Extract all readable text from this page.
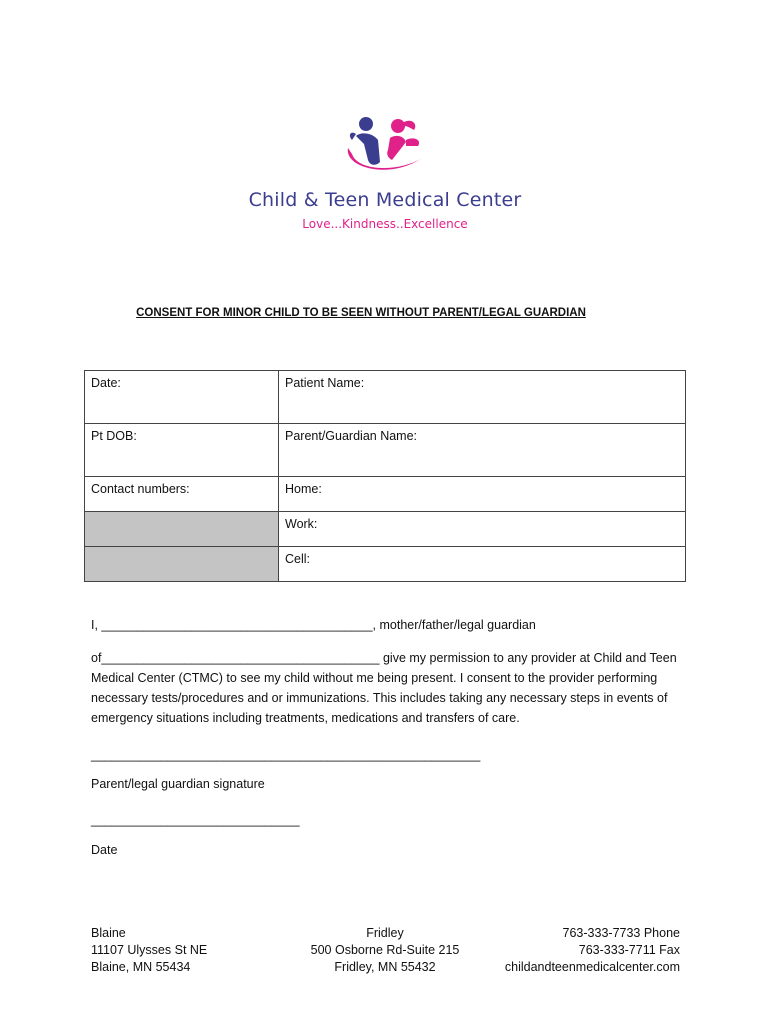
Child & Teen Medical Center
Love...Kindness..Excellence
CONSENT FOR MINOR CHILD TO BE SEEN WITHOUT PARENT/LEGAL GUARDIAN
Date:	Patient Name:
Pt DOB:	Parent/Guardian Name:
Contact numbers:	Home:
	Work:
	Cell:
I, _______________________________________, mother/father/legal guardian
of________________________________________ give my permission to any provider at Child and Teen Medical Center (CTMC) to see my child without me being present. I consent to the provider performing necessary tests/procedures and or immunizations. This includes taking any necessary steps in events of emergency situations including treatments, medications and transfers of care.
________________________________________________________
Parent/legal guardian signature
______________________________
Date
Blaine
11107 Ulysses St NE
Blaine, MN 55434
Fridley
500 Osborne Rd-Suite 215
Fridley, MN 55432
763-333-7733 Phone
763-333-7711 Fax
childandteenmedicalcenter.com
